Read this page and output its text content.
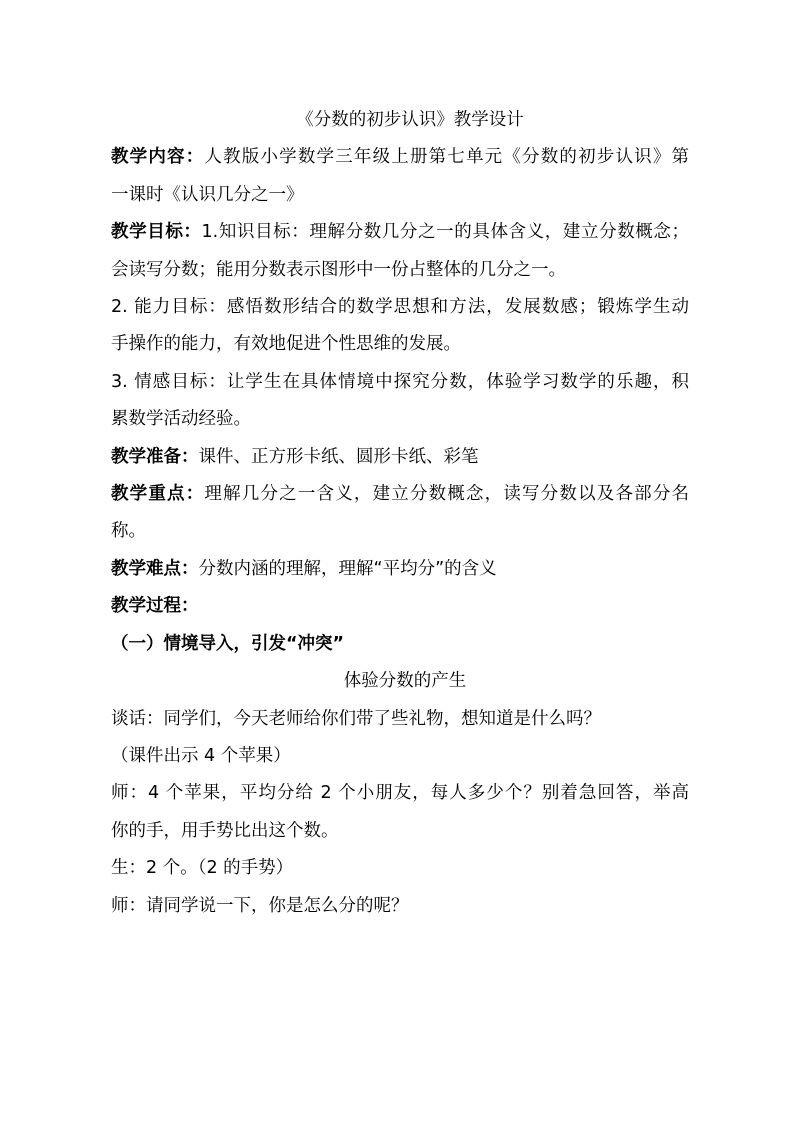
《分数的初步认识》教学设计

教学内容：人教版小学数学三年级上册第七单元《分数的初步认识》第

一课时《认识几分之一》

教学目标：1.知识目标：理解分数几分之一的具体含义，建立分数概念；

会读写分数；能用分数表示图形中一份占整体的几分之一。

2. 能力目标：感悟数形结合的数学思想和方法，发展数感；锻炼学生动

手操作的能力，有效地促进个性思维的发展。

3. 情感目标：让学生在具体情境中探究分数，体验学习数学的乐趣，积

累数学活动经验。

教学准备：课件、正方形卡纸、圆形卡纸、彩笔

教学重点：理解几分之一含义，建立分数概念，读写分数以及各部分名

称。

教学难点：分数内涵的理解，理解“平均分”的含义

教学过程：

（一）情境导入，引发“冲突”

体验分数的产生

谈话：同学们，今天老师给你们带了些礼物，想知道是什么吗？

（课件出示 4 个苹果）

师：4 个苹果，平均分给 2 个小朋友，每人多少个？别着急回答，举高

你的手，用手势比出这个数。

生：2 个。（2 的手势）

师：请同学说一下，你是怎么分的呢？
